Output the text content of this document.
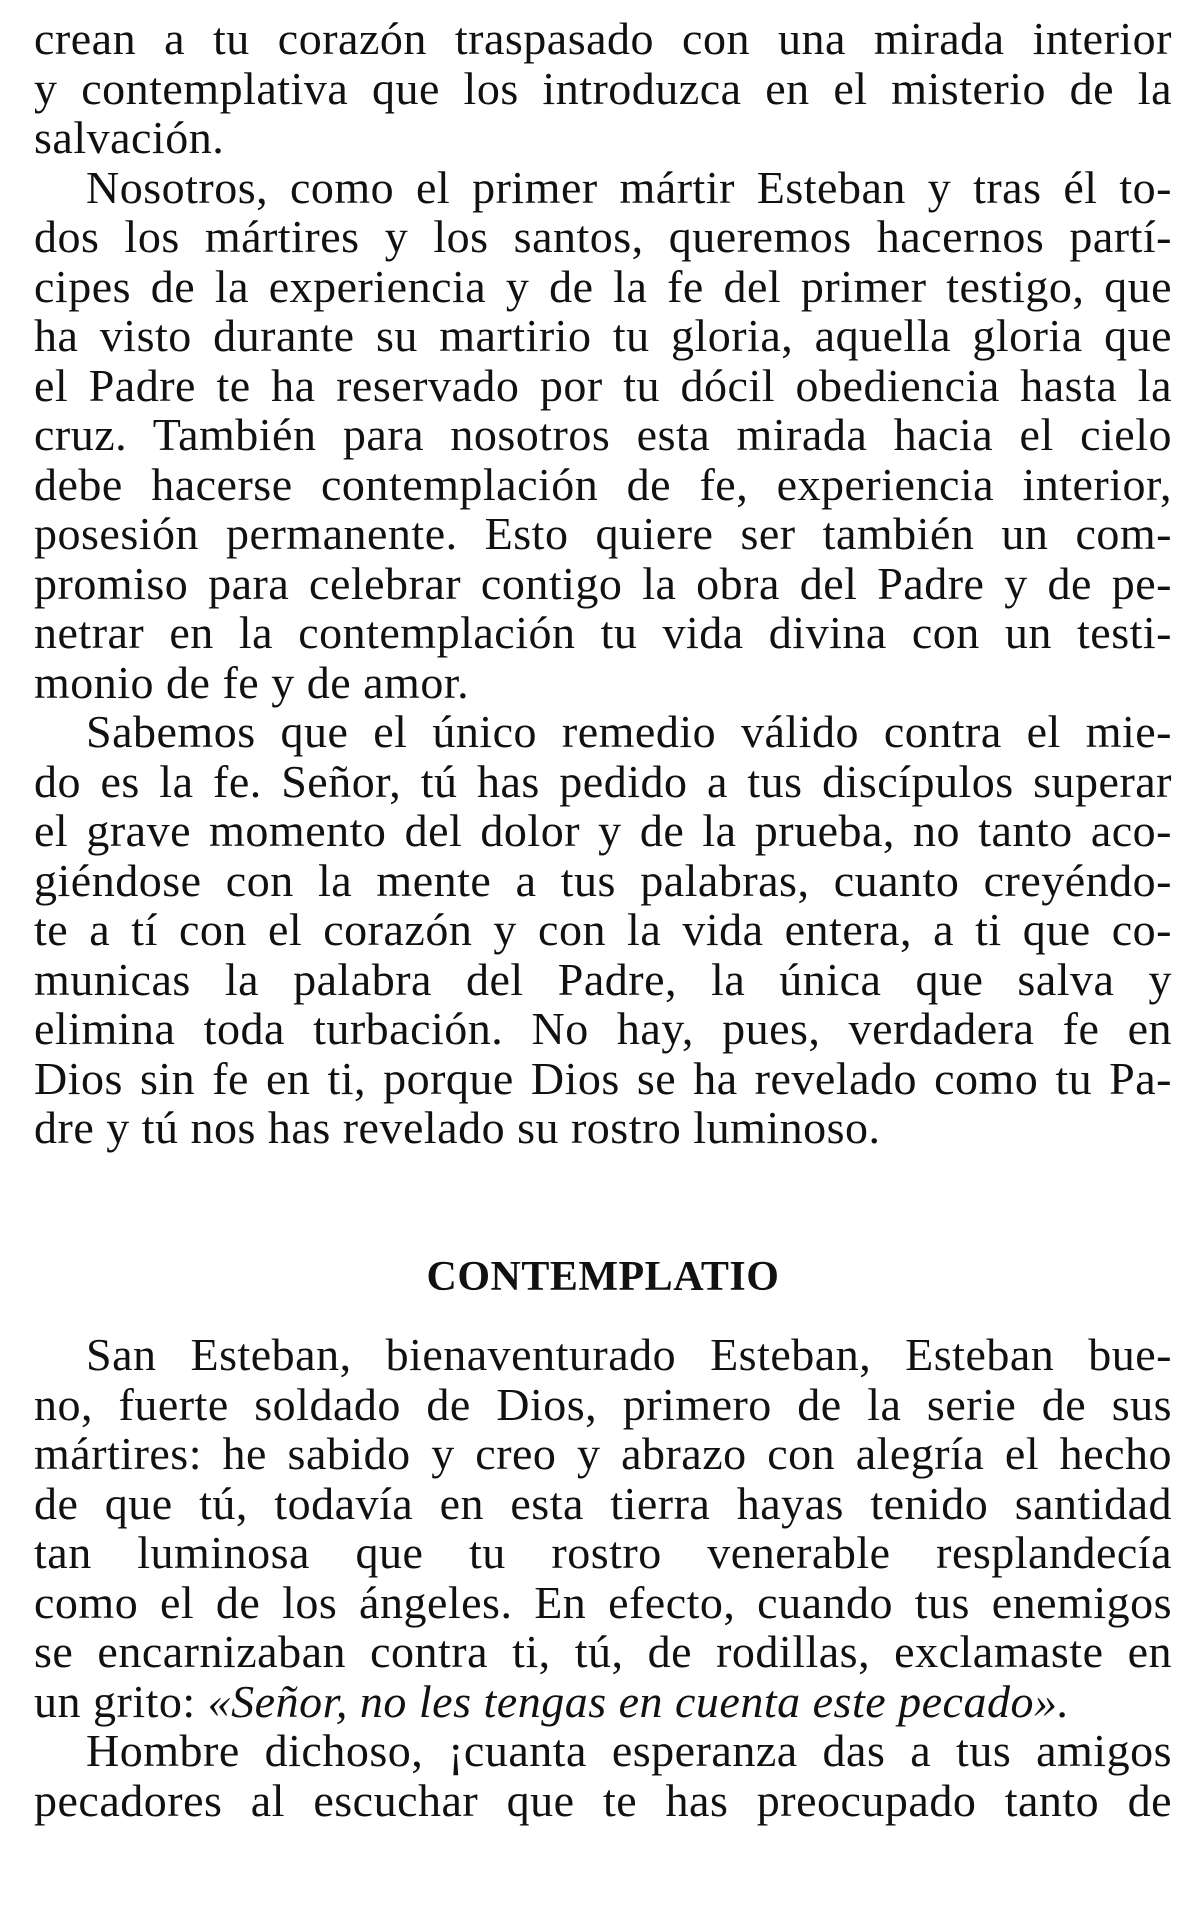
crean a tu corazón traspasado con una mirada interior
y contemplativa que los introduzca en el misterio de la
salvación.
Nosotros, como el primer mártir Esteban y tras él to-
dos los mártires y los santos, queremos hacernos partí-
cipes de la experiencia y de la fe del primer testigo, que
ha visto durante su martirio tu gloria, aquella gloria que
el Padre te ha reservado por tu dócil obediencia hasta la
cruz. También para nosotros esta mirada hacia el cielo
debe hacerse contemplación de fe, experiencia interior,
posesión permanente. Esto quiere ser también un com-
promiso para celebrar contigo la obra del Padre y de pe-
netrar en la contemplación tu vida divina con un testi-
monio de fe y de amor.
Sabemos que el único remedio válido contra el mie-
do es la fe. Señor, tú has pedido a tus discípulos superar
el grave momento del dolor y de la prueba, no tanto aco-
giéndose con la mente a tus palabras, cuanto creyéndo-
te a tí con el corazón y con la vida entera, a ti que co-
municas la palabra del Padre, la única que salva y
elimina toda turbación. No hay, pues, verdadera fe en
Dios sin fe en ti, porque Dios se ha revelado como tu Pa-
dre y tú nos has revelado su rostro luminoso.
CONTEMPLATIO
San Esteban, bienaventurado Esteban, Esteban bue-
no, fuerte soldado de Dios, primero de la serie de sus
mártires: he sabido y creo y abrazo con alegría el hecho
de que tú, todavía en esta tierra hayas tenido santidad
tan luminosa que tu rostro venerable resplandecía
como el de los ángeles. En efecto, cuando tus enemigos
se encarnizaban contra ti, tú, de rodillas, exclamaste en
un grito: «Señor, no les tengas en cuenta este pecado».
Hombre dichoso, ¡cuanta esperanza das a tus amigos
pecadores al escuchar que te has preocupado tanto de
